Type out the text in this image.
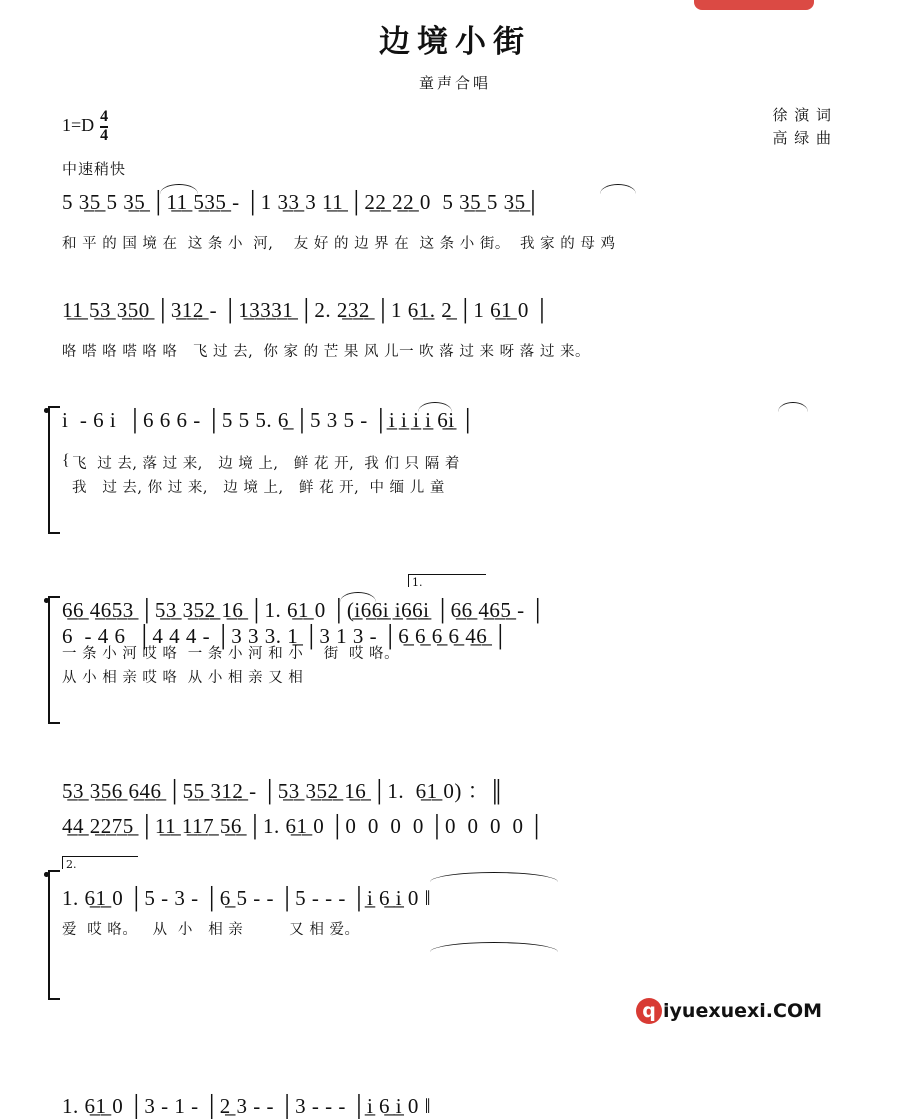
边境小街
童声合唱
$1=D \frac{4}{4}$	徐 演 词
高 绿 曲
中速稍快

5 3̲5̲ 5 3̲5̲ │1̲1̲ 5̲3̲5̲ - │1 3̲3̲ 3 1̲1̲ │2̲2̲ 2̲2̲ 0  5 3̲5̲ 5 3̲5̲│

和 平 的 国 境 在  这 条 小  河,    友 好 的 边 界 在  这 条 小 街。  我 家 的 母 鸡

1̲1̲ 5̲3̲ 3̲5̲0̲ │3̲1̲2̲ - │1̲3̲3̲3̲1̲ │2. 2̲3̲2̲ │1 6̲1̲. 2̲ │1 6̲1̲ 0 │

咯 嗒 咯 嗒 咯 咯   飞 过 去,  你 家 的 芒 果 风 儿一 吹 落 过 来 呀 落 过 来。

i  - 6 i  │6 6 6 - │5 5 5. 6̲ │5 3 5 - │i̲ i̲ i̲ i̲ 6̲i̲ │

飞  过 去, 落 过 来,   边 境 上,   鲜 花 开,  我 们 只 隔 着
我   过 去, 你 过 来,   边 境 上,   鲜 花 开,  中 缅 儿 童

6  - 4 6  │4 4 4 - │3 3 3. 1̲ │3 1 3 - │6̲ 6̲ 6̲ 6̲ 4̲6̲ │

{
1.

6̲6̲ 4̲6̲5̲3̲ │5̲3̲ 3̲5̲2̲ 1̲6̲ │1. 6̲1̲ 0 │(i̲6̲6̲i̲ i̲6̲6̲i̲ │6̲6̲ 4̲6̲5̲ - │

一 条 小 河 哎 咯  一 条 小 河 和 小    街  哎 咯。
从 小 相 亲 哎 咯  从 小 相 亲 又 相

4̲4̲ 2̲2̲7̲5̲ │1̲1̲ 1̲1̲7̲ 5̲6̲ │1. 6̲1̲ 0 │0  0  0  0 │0  0  0  0 │

5̲3̲ 3̲5̲6̲ 6̲4̲6̲ │5̲5̲ 3̲1̲2̲ - │5̲3̲ 3̲5̲2̲ 1̲6̲ │1.  6̲1̲ 0) ：║

2.

1. 6̲1̲ 0 │5 - 3 - │6̲ 5 - - │5 - - - │i̲ 6̲ i̲ 0 ‖

爱  哎 咯。   从  小   相 亲         又 相 爱。

1. 6̲1̲ 0 │3 - 1 - │2̲ 3 - - │3 - - - │i̲ 6̲ i̲ 0 ‖

q iyuexuexi.COM
